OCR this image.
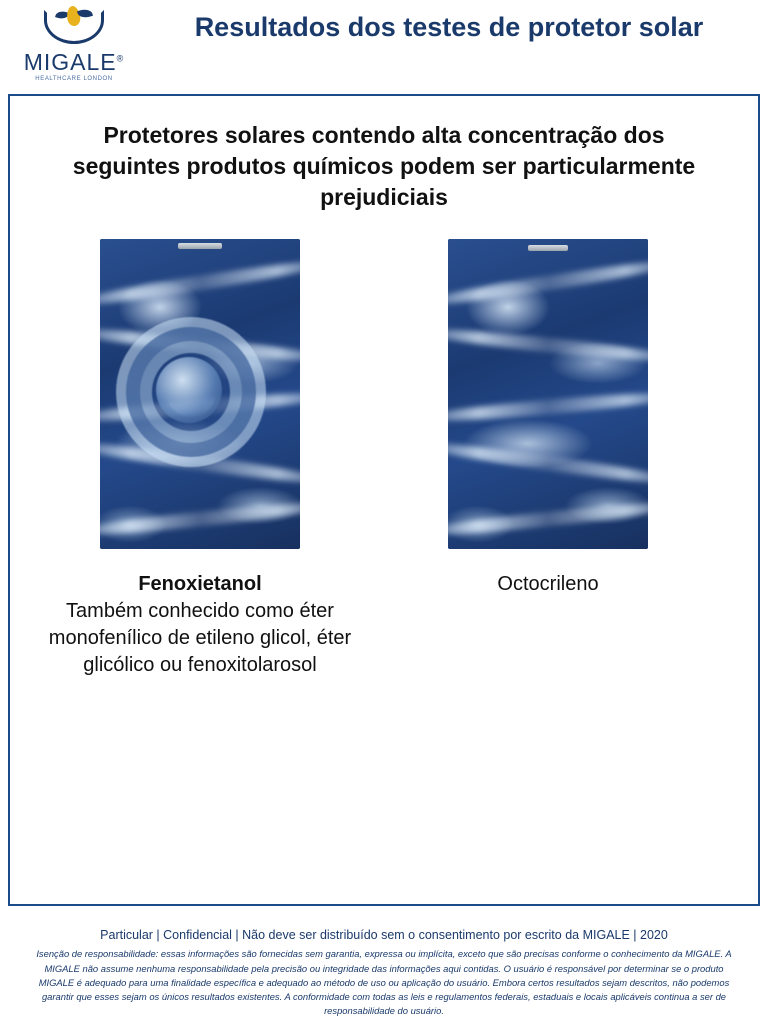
MIGALE®
HEALTHCARE LONDON
Resultados dos testes de protetor solar
Protetores solares contendo alta concentração dos seguintes produtos químicos podem ser particularmente prejudiciais
Fenoxietanol
Também conhecido como éter monofenílico de etileno glicol, éter glicólico ou fenoxitolarosol
Octocrileno
Particular | Confidencial | Não deve ser distribuído sem o consentimento por escrito da MIGALE | 2020
Isenção de responsabilidade: essas informações são fornecidas sem garantia, expressa ou implícita, exceto que são precisas conforme o conhecimento da MIGALE. A MIGALE não assume nenhuma responsabilidade pela precisão ou integridade das informações aqui contidas. O usuário é responsável por determinar se o produto MIGALE é adequado para uma finalidade específica e adequado ao método de uso ou aplicação do usuário. Embora certos resultados sejam descritos, não podemos garantir que esses sejam os únicos resultados existentes. A conformidade com todas as leis e regulamentos federais, estaduais e locais aplicáveis continua a ser de responsabilidade do usuário.
